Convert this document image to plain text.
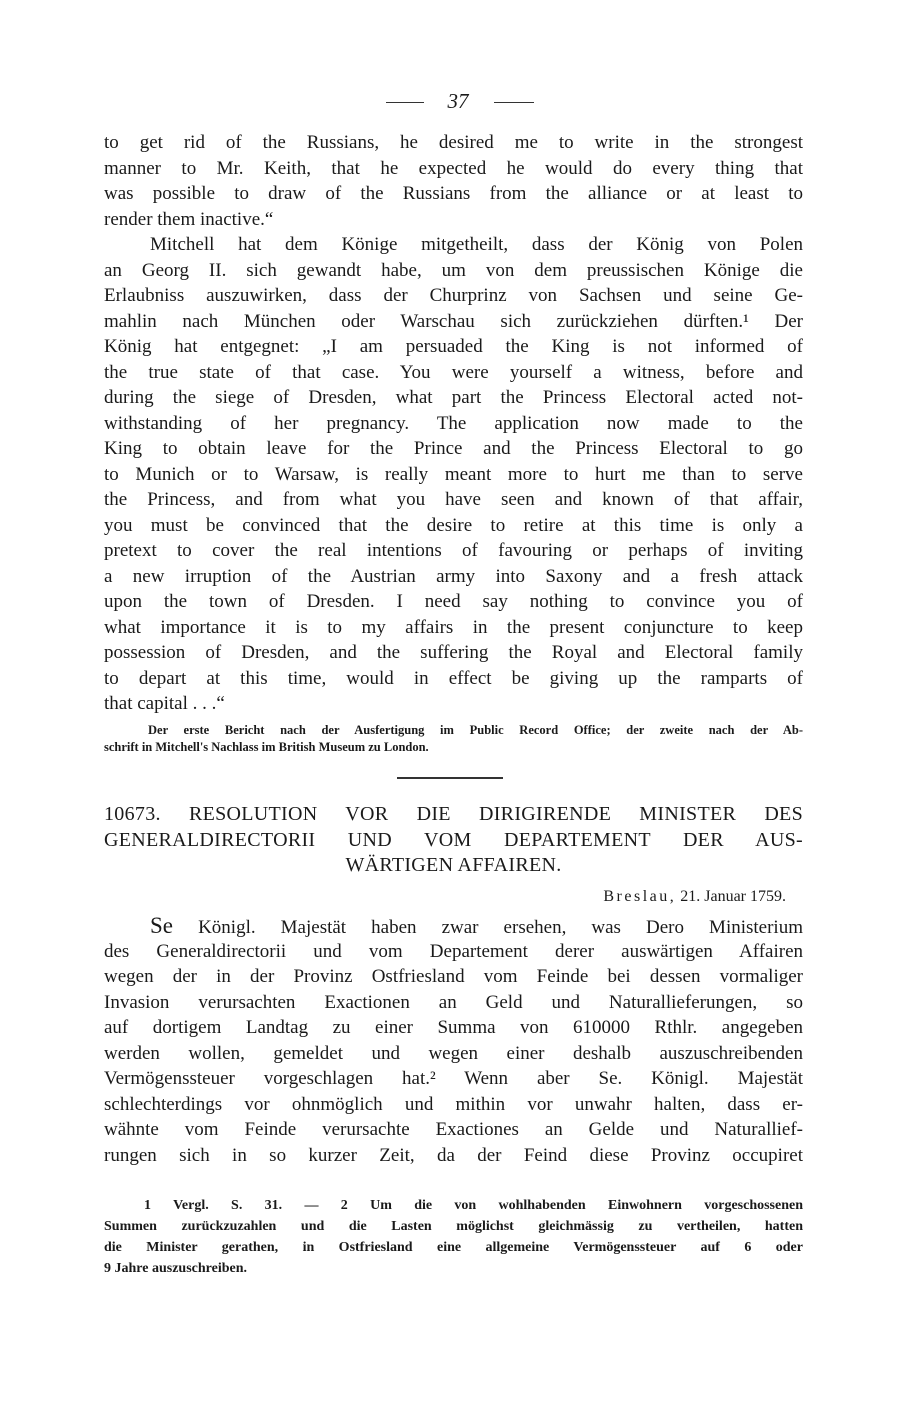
37
to get rid of the Russians, he desired me to write in the strongest
manner to Mr. Keith, that he expected he would do every thing that
was possible to draw of the Russians from the alliance or at least to
render them inactive.“
Mitchell hat dem Könige mitgetheilt, dass der König von Polen
an Georg II. sich gewandt habe, um von dem preussischen Könige die
Erlaubniss auszuwirken, dass der Churprinz von Sachsen und seine Ge-
mahlin nach München oder Warschau sich zurückziehen dürften.¹ Der
König hat entgegnet: „I am persuaded the King is not informed of
the true state of that case. You were yourself a witness, before and
during the siege of Dresden, what part the Princess Electoral acted not-
withstanding of her pregnancy. The application now made to the
King to obtain leave for the Prince and the Princess Electoral to go
to Munich or to Warsaw, is really meant more to hurt me than to serve
the Princess, and from what you have seen and known of that affair,
you must be convinced that the desire to retire at this time is only a
pretext to cover the real intentions of favouring or perhaps of inviting
a new irruption of the Austrian army into Saxony and a fresh attack
upon the town of Dresden. I need say nothing to convince you of
what importance it is to my affairs in the present conjuncture to keep
possession of Dresden, and the suffering the Royal and Electoral family
to depart at this time, would in effect be giving up the ramparts of
that capital . . .“
Der erste Bericht nach der Ausfertigung im Public Record Office; der zweite nach der Ab-
schrift in Mitchell's Nachlass im British Museum zu London.
10673. RESOLUTION VOR DIE DIRIGIRENDE MINISTER DES
GENERALDIRECTORII UND VOM DEPARTEMENT DER AUS-
WÄRTIGEN AFFAIREN.
Breslau, 21. Januar 1759.
Se Königl. Majestät haben zwar ersehen, was Dero Ministerium
des Generaldirectorii und vom Departement derer auswärtigen Affairen
wegen der in der Provinz Ostfriesland vom Feinde bei dessen vormaliger
Invasion verursachten Exactionen an Geld und Naturallieferungen, so
auf dortigem Landtag zu einer Summa von 610000 Rthlr. angegeben
werden wollen, gemeldet und wegen einer deshalb auszuschreibenden
Vermögenssteuer vorgeschlagen hat.² Wenn aber Se. Königl. Majestät
schlechterdings vor ohnmöglich und mithin vor unwahr halten, dass er-
wähnte vom Feinde verursachte Exactiones an Gelde und Naturallief-
rungen sich in so kurzer Zeit, da der Feind diese Provinz occupiret
1 Vergl. S. 31. — 2 Um die von wohlhabenden Einwohnern vorgeschossenen
Summen zurückzuzahlen und die Lasten möglichst gleichmässig zu vertheilen, hatten
die Minister gerathen, in Ostfriesland eine allgemeine Vermögenssteuer auf 6 oder
9 Jahre auszuschreiben.
